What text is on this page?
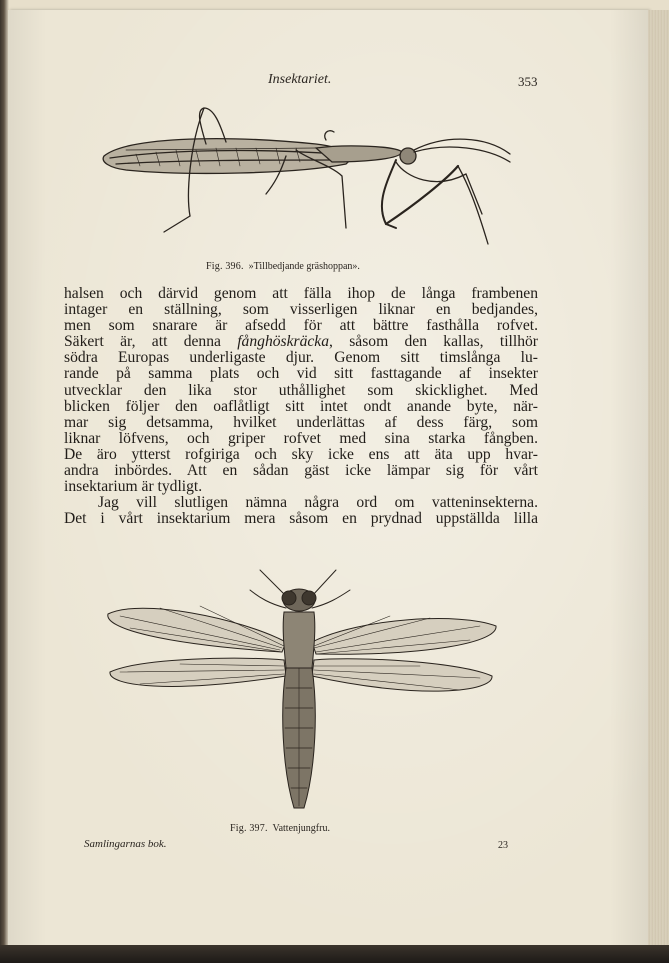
Insektariet.	353
Fig. 396. »Tillbedjande gräshoppan».
halsen och därvid genom att fälla ihop de långa frambenen
intager en ställning, som visserligen liknar en bedjandes,
men som snarare är afsedd för att bättre fasthålla rofvet.
Säkert är, att denna fånghöskräcka, såsom den kallas, tillhör
södra Europas underligaste djur. Genom sitt timslånga lu-
rande på samma plats och vid sitt fasttagande af insekter
utvecklar den lika stor uthållighet som skicklighet. Med
blicken följer den oaflåtligt sitt intet ondt anande byte, när-
mar sig detsamma, hvilket underlättas af dess färg, som
liknar löfvens, och griper rofvet med sina starka fångben.
De äro ytterst rofgiriga och sky icke ens att äta upp hvar-
andra inbördes. Att en sådan gäst icke lämpar sig för vårt
insektarium är tydligt.
Jag vill slutligen nämna några ord om vatteninsekterna.
Det i vårt insektarium mera såsom en prydnad uppställda lilla
Fig. 397. Vattenjungfru.
Samlingarnas bok.	23
